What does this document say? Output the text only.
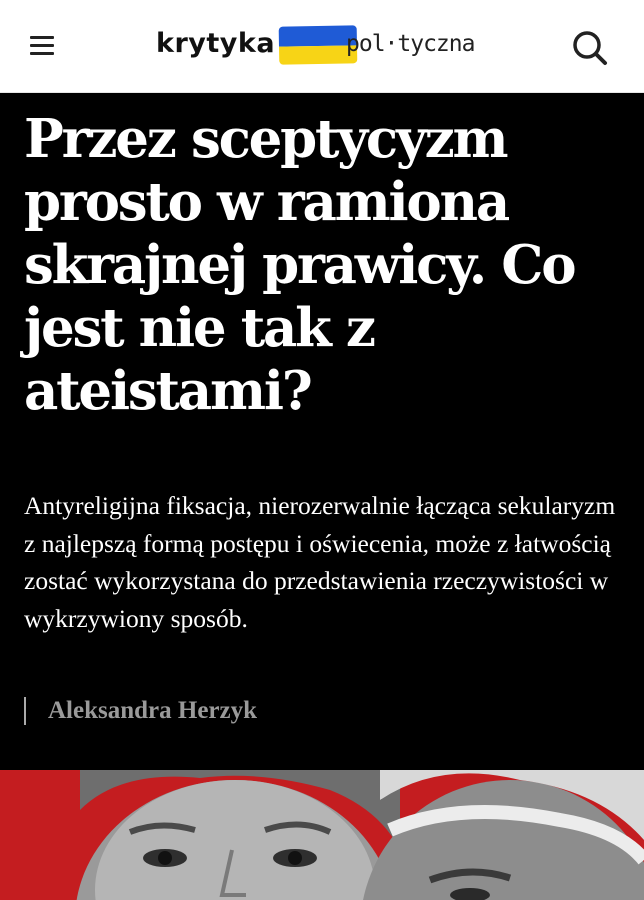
krytyka	pol·tyczna
Przez sceptycyzm prosto w ramiona skrajnej prawicy. Co jest nie tak z ateistami?

Antyreligijna fiksacja, nierozerwalnie łącząca sekularyzm z najlepszą formą postępu i oświecenia, może z łatwością zostać wykorzystana do przedstawienia rzeczywistości w wykrzywiony sposób.

Aleksandra Herzyk
